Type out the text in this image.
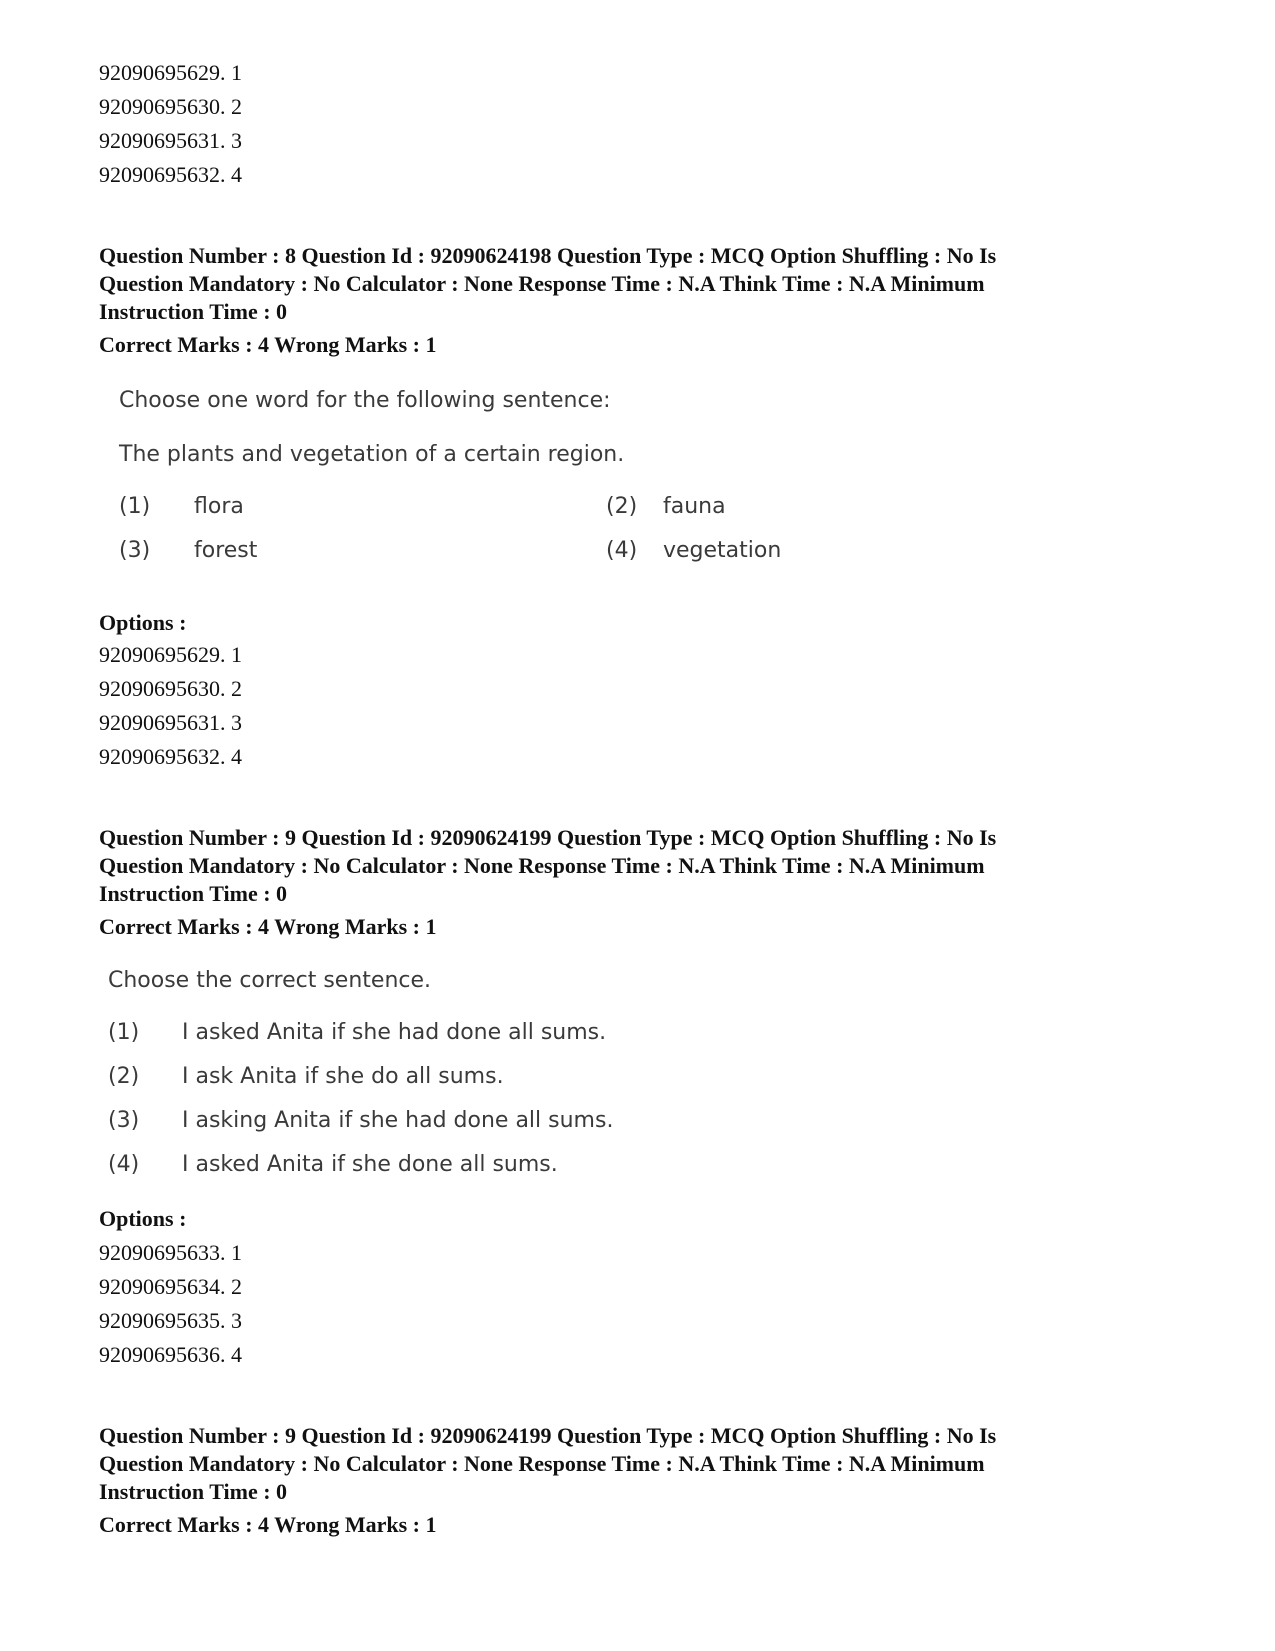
92090695629. 1
92090695630. 2
92090695631. 3
92090695632. 4
Question Number : 8 Question Id : 92090624198 Question Type : MCQ Option Shuffling : No Is
Question Mandatory : No Calculator : None Response Time : N.A Think Time : N.A Minimum
Instruction Time : 0
Correct Marks : 4 Wrong Marks : 1
Choose one word for the following sentence:
The plants and vegetation of a certain region.
(1) flora	(2) fauna
(3) forest	(4) vegetation
Options :
92090695629. 1
92090695630. 2
92090695631. 3
92090695632. 4
Question Number : 9 Question Id : 92090624199 Question Type : MCQ Option Shuffling : No Is
Question Mandatory : No Calculator : None Response Time : N.A Think Time : N.A Minimum
Instruction Time : 0
Correct Marks : 4 Wrong Marks : 1
Choose the correct sentence.
(1) I asked Anita if she had done all sums.
(2) I ask Anita if she do all sums.
(3) I asking Anita if she had done all sums.
(4) I asked Anita if she done all sums.
Options :
92090695633. 1
92090695634. 2
92090695635. 3
92090695636. 4
Question Number : 9 Question Id : 92090624199 Question Type : MCQ Option Shuffling : No Is
Question Mandatory : No Calculator : None Response Time : N.A Think Time : N.A Minimum
Instruction Time : 0
Correct Marks : 4 Wrong Marks : 1
